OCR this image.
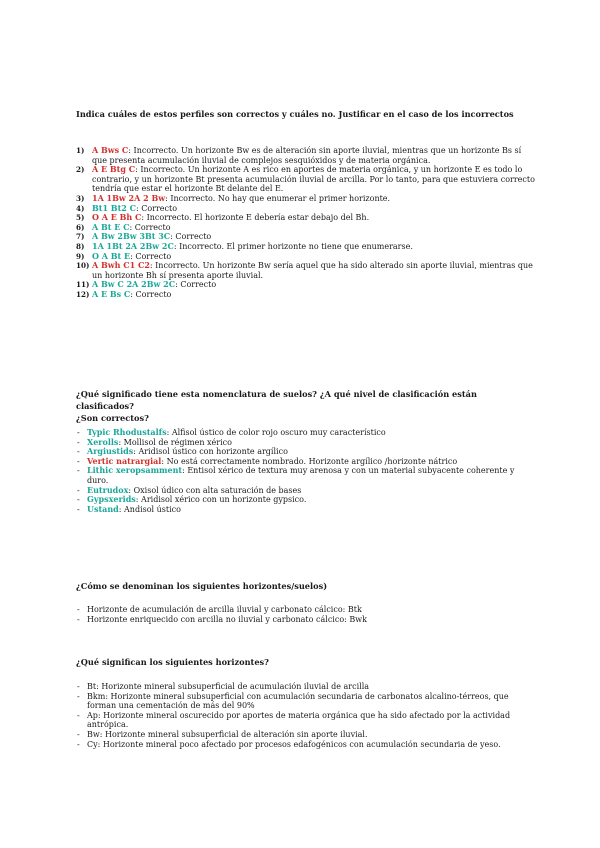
Indica cuáles de estos perfiles son correctos y cuáles no. Justificar en el caso de los incorrectos
1) A Bws C: Incorrecto. Un horizonte Bw es de alteración sin aporte iluvial, mientras que un horizonte Bs sí que presenta acumulación iluvial de complejos sesquióxidos y de materia orgánica.
2) A E Btg C: Incorrecto. Un horizonte A es rico en aportes de materia orgánica, y un horizonte E es todo lo contrario, y un horizonte Bt presenta acumulación iluvial de arcilla. Por lo tanto, para que estuviera correcto tendría que estar el horizonte Bt delante del E.
3) 1A 1Bw 2A 2 Bw: Incorrecto. No hay que enumerar el primer horizonte.
4) Bt1 Bt2 C: Correcto
5) O A E Bh C: Incorrecto. El horizonte E debería estar debajo del Bh.
6) A Bt E C: Correcto
7) A Bw 2Bw 3Bt 3C: Correcto
8) 1A 1Bt 2A 2Bw 2C: Incorrecto. El primer horizonte no tiene que enumerarse.
9) O A Bt E: Correcto
10) A Bwh C1 C2: Incorrecto. Un horizonte Bw sería aquel que ha sido alterado sin aporte iluvial, mientras que un horizonte Bh sí presenta aporte iluvial.
11) A Bw C 2A 2Bw 2C: Correcto
12) A E Bs C: Correcto
¿Qué significado tiene esta nomenclatura de suelos? ¿A qué nivel de clasificación están clasificados?
¿Son correctos?
- Typic Rhodustalfs: Alfisol ústico de color rojo oscuro muy característico
- Xerolls: Mollisol de régimen xérico
- Argiustids: Aridisol ústico con horizonte argílico
- Vertic natrargial: No está correctamente nombrado. Horizonte argílico /horizonte nátrico
- Lithic xeropsamment: Entisol xérico de textura muy arenosa y con un material subyacente coherente y duro.
- Eutrudox: Oxisol údico con alta saturación de bases
- Gypsxerids: Aridisol xérico con un horizonte gypsico.
- Ustand: Andisol ústico
¿Cómo se denominan los siguientes horizontes/suelos)
- Horizonte de acumulación de arcilla iluvial y carbonato cálcico: Btk
- Horizonte enriquecido con arcilla no iluvial y carbonato cálcico: Bwk
¿Qué significan los siguientes horizontes?
- Bt: Horizonte mineral subsuperficial de acumulación iluvial de arcilla
- Bkm: Horizonte mineral subsuperficial con acumulación secundaria de carbonatos alcalino-térreos, que forman una cementación de más del 90%
- Ap: Horizonte mineral oscurecido por aportes de materia orgánica que ha sido afectado por la actividad antrópica.
- Bw: Horizonte mineral subsuperficial de alteración sin aporte iluvial.
- Cy: Horizonte mineral poco afectado por procesos edafogénicos con acumulación secundaria de yeso.
